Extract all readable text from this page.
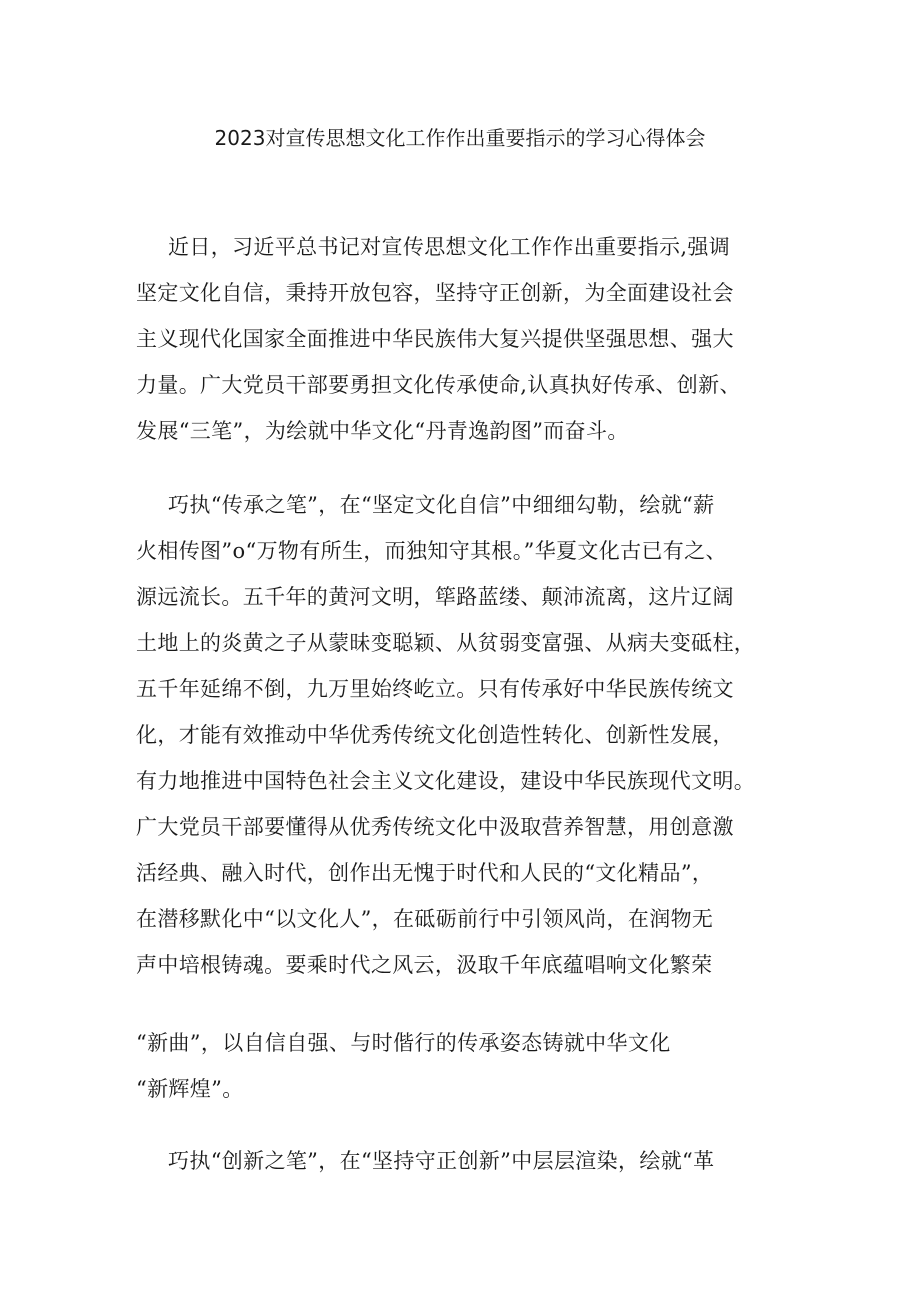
2023对宣传思想文化工作作出重要指示的学习心得体会
近日，习近平总书记对宣传思想文化工作作出重要指示,强调
坚定文化自信，秉持开放包容，坚持守正创新，为全面建设社会
主义现代化国家全面推进中华民族伟大复兴提供坚强思想、强大
力量。广大党员干部要勇担文化传承使命,认真执好传承、创新、
发展“三笔”，为绘就中华文化“丹青逸韵图”而奋斗。
巧执“传承之笔”，在“坚定文化自信”中细细勾勒，绘就“薪
火相传图”o“万物有所生，而独知守其根。”华夏文化古已有之、
源远流长。五千年的黄河文明，筚路蓝缕、颠沛流离，这片辽阔
土地上的炎黄之子从蒙昧变聪颖、从贫弱变富强、从病夫变砥柱，
五千年延绵不倒，九万里始终屹立。只有传承好中华民族传统文
化，才能有效推动中华优秀传统文化创造性转化、创新性发展，
有力地推进中国特色社会主义文化建设，建设中华民族现代文明。
广大党员干部要懂得从优秀传统文化中汲取营养智慧，用创意激
活经典、融入时代，创作出无愧于时代和人民的“文化精品”，
在潜移默化中“以文化人”，在砥砺前行中引领风尚，在润物无
声中培根铸魂。要乘时代之风云，汲取千年底蕴唱响文化繁荣
“新曲”，以自信自强、与时偕行的传承姿态铸就中华文化
“新辉煌”。
巧执“创新之笔”，在“坚持守正创新”中层层渲染，绘就“革
